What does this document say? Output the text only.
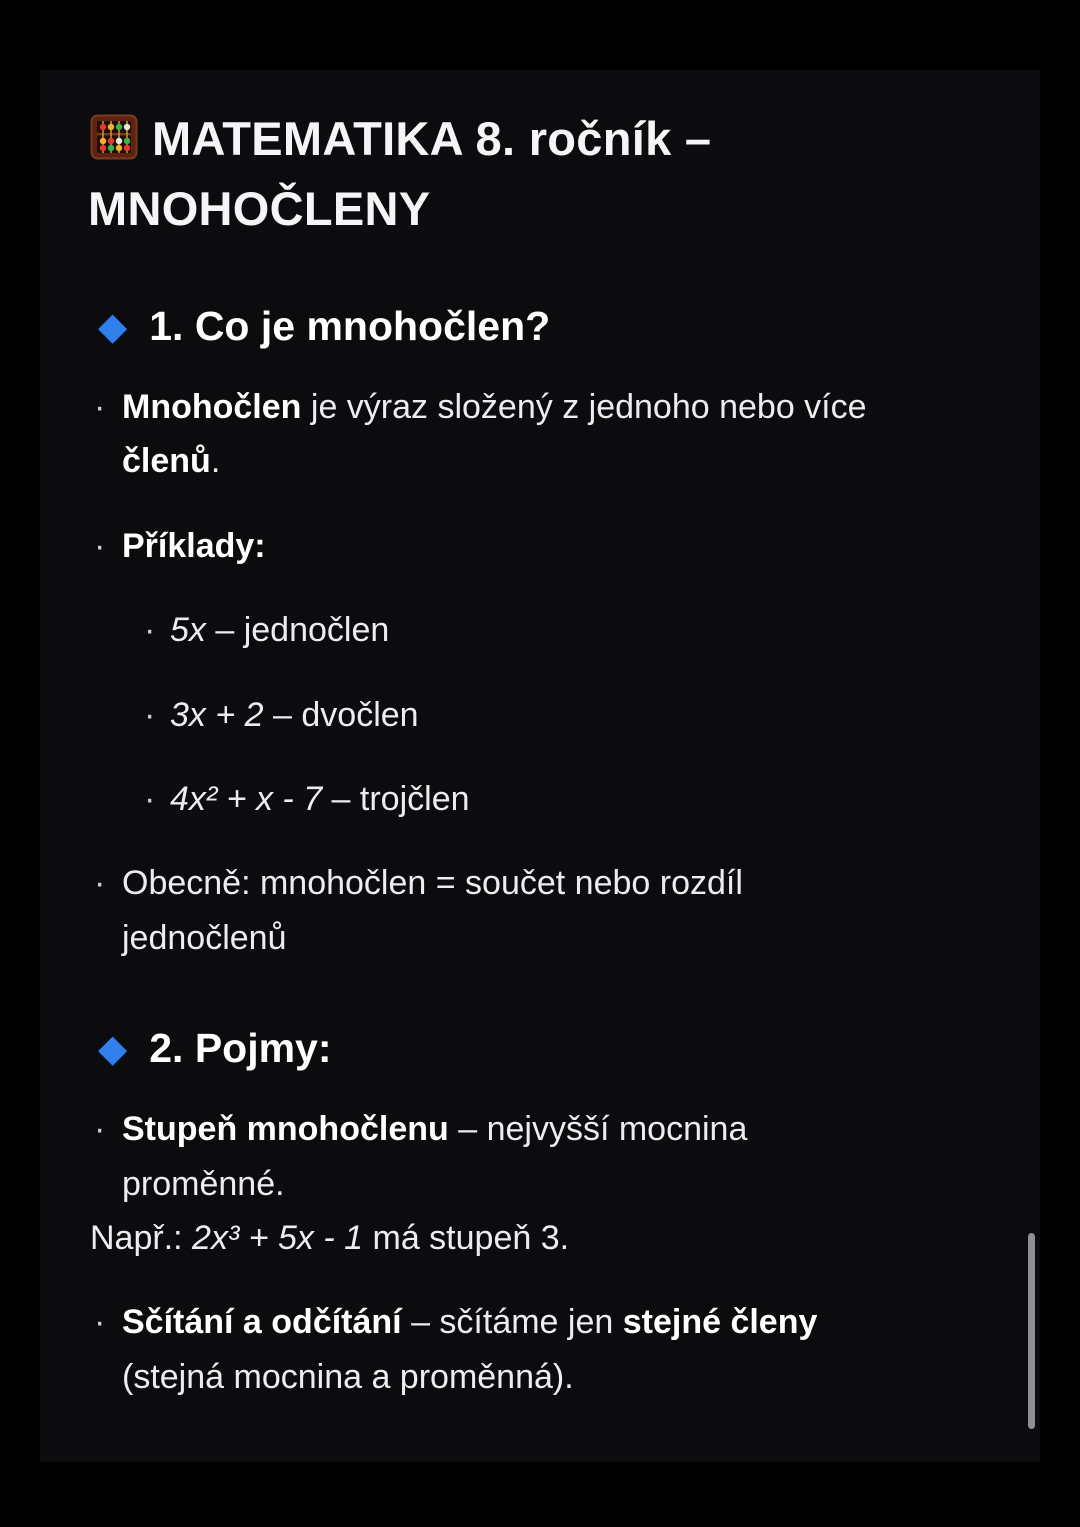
MATEMATIKA 8. ročník – MNOHOČLENY
◆ 1. Co je mnohočlen?
· Mnohočlen je výraz složený z jednoho nebo více členů.
· Příklady:
· 5x – jednočlen
· 3x + 2 – dvočlen
· 4x² + x - 7 – trojčlen
· Obecně: mnohočlen = součet nebo rozdíl jednočlenů
◆ 2. Pojmy:
· Stupeň mnohočlenu – nejvyšší mocnina proměnné.
Např.: 2x³ + 5x - 1 má stupeň 3.
· Sčítání a odčítání – sčítáme jen stejné členy (stejná mocnina a proměnná).
